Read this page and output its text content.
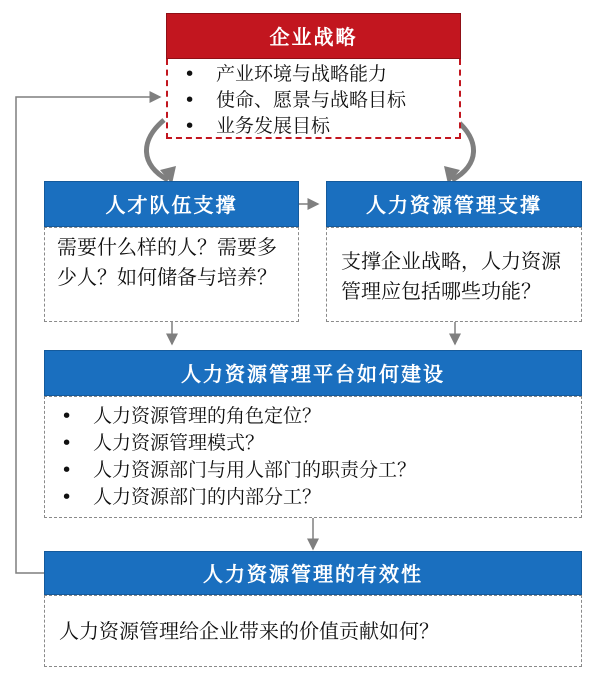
企业战略
• 产业环境与战略能力
• 使命、愿景与战略目标
• 业务发展目标
人才队伍支撑
需要什么样的人？需要多少人？如何储备与培养？
人力资源管理支撑
支撑企业战略，人力资源管理应包括哪些功能？
人力资源管理平台如何建设
• 人力资源管理的角色定位？
• 人力资源管理模式？
• 人力资源部门与用人部门的职责分工？
• 人力资源部门的内部分工？
人力资源管理的有效性
人力资源管理给企业带来的价值贡献如何？
